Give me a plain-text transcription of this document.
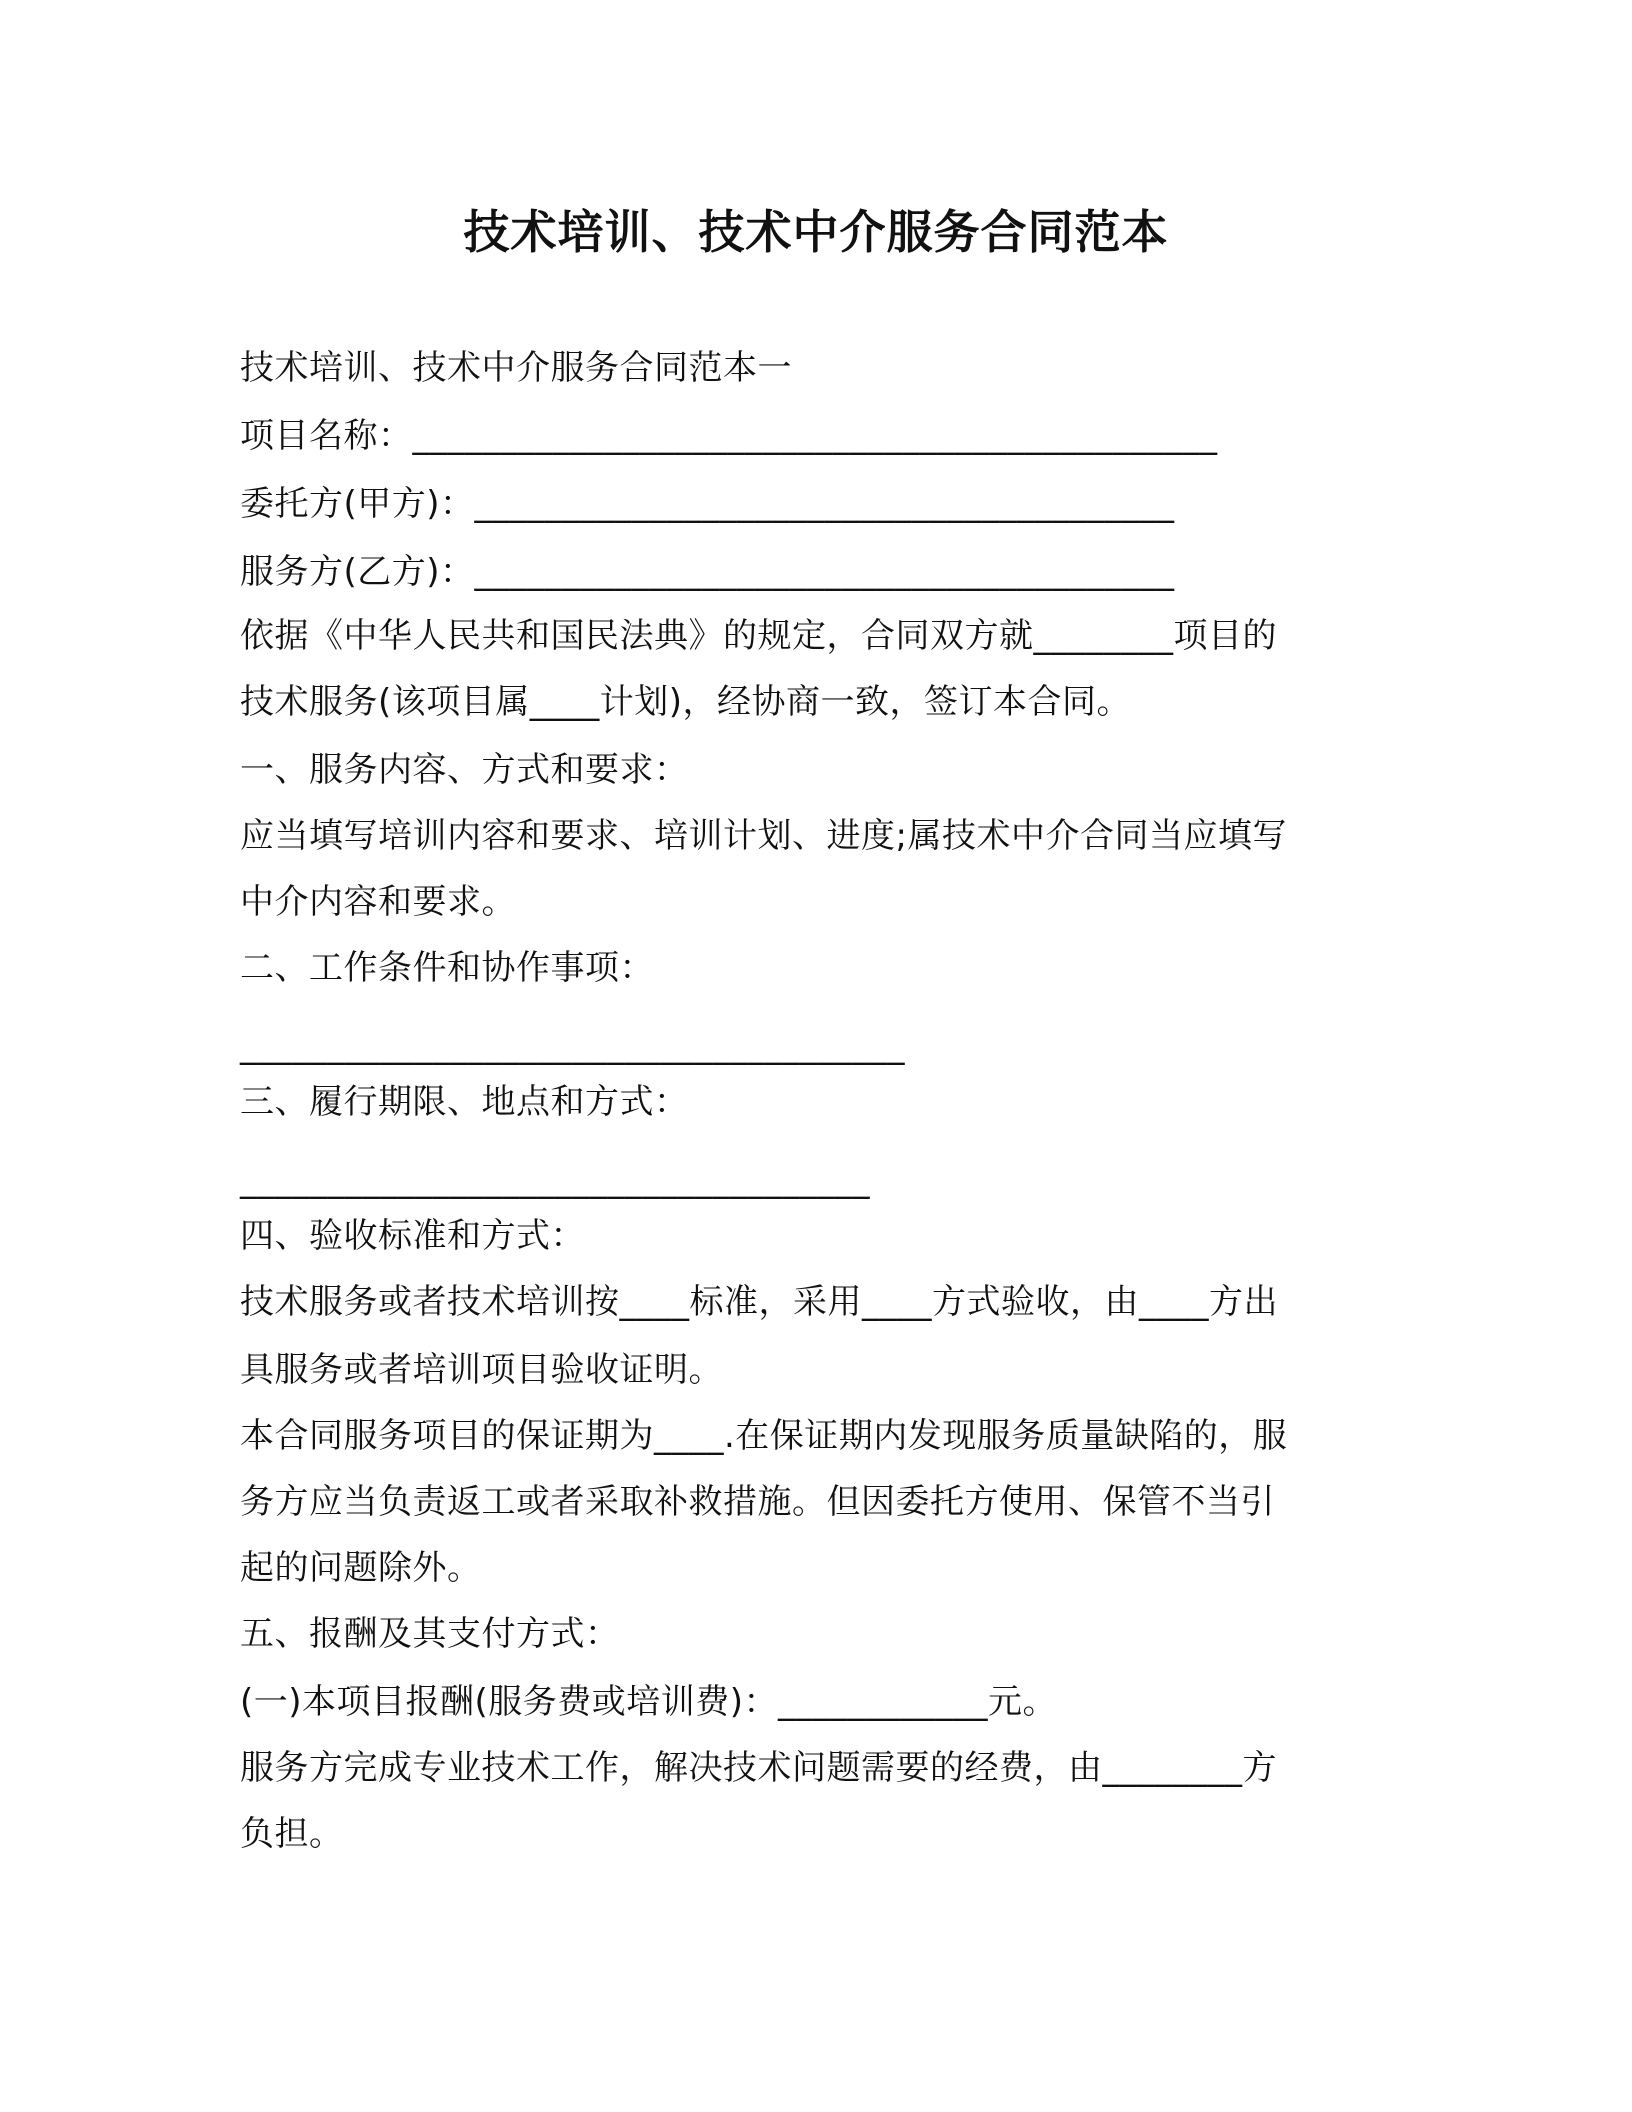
技术培训、技术中介服务合同范本
技术培训、技术中介服务合同范本一
项目名称：______________________________________________
委托方(甲方)：________________________________________
服务方(乙方)：________________________________________
依据《中华人民共和国民法典》的规定，合同双方就________项目的
技术服务(该项目属____计划)，经协商一致，签订本合同。
一、服务内容、方式和要求：
应当填写培训内容和要求、培训计划、进度;属技术中介合同当应填写
中介内容和要求。
二、工作条件和协作事项：
______________________________________
三、履行期限、地点和方式：
____________________________________
四、验收标准和方式：
技术服务或者技术培训按____标准，采用____方式验收，由____方出
具服务或者培训项目验收证明。
本合同服务项目的保证期为____.在保证期内发现服务质量缺陷的，服
务方应当负责返工或者采取补救措施。但因委托方使用、保管不当引
起的问题除外。
五、报酬及其支付方式：
(一)本项目报酬(服务费或培训费)：____________元。
服务方完成专业技术工作，解决技术问题需要的经费，由________方
负担。
